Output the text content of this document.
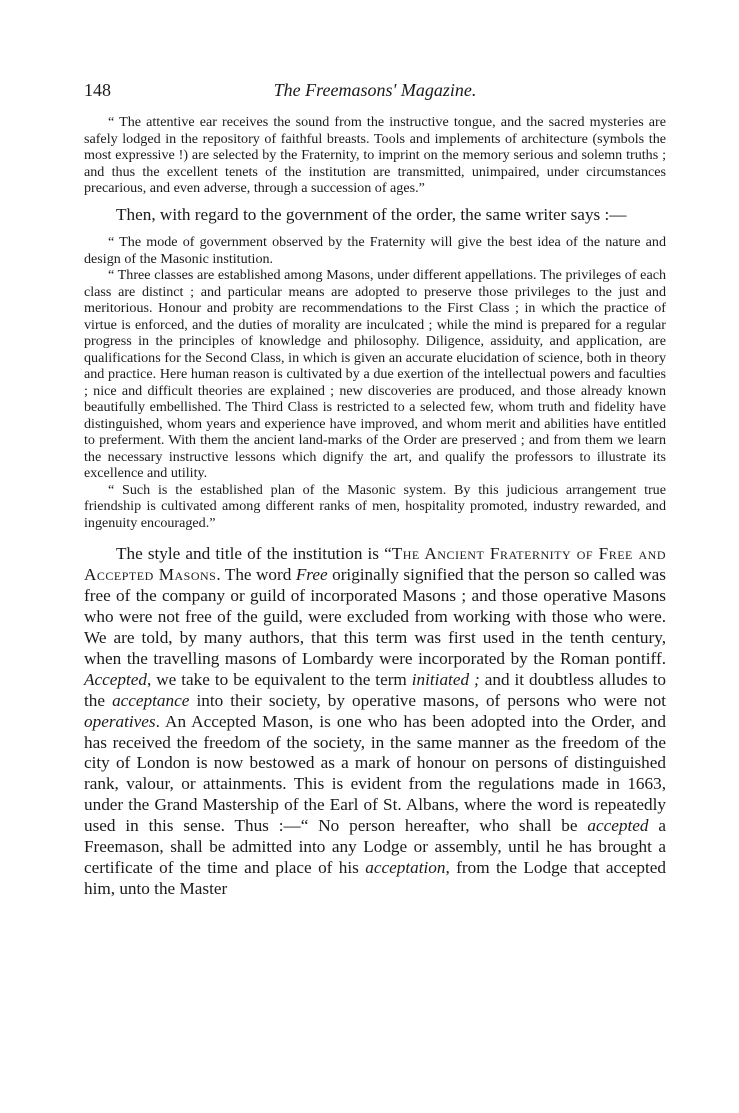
148	The Freemasons' Magazine.

“ The attentive ear receives the sound from the instructive tongue, and the sacred mysteries are safely lodged in the repository of faithful breasts. Tools and implements of architecture (symbols the most expressive !) are selected by the Fraternity, to imprint on the memory serious and solemn truths ; and thus the excellent tenets of the institution are transmitted, unimpaired, under circumstances precarious, and even adverse, through a succession of ages.”

Then, with regard to the government of the order, the same writer says :—

“ The mode of government observed by the Fraternity will give the best idea of the nature and design of the Masonic institution.

“ Three classes are established among Masons, under different appellations. The privileges of each class are distinct ; and particular means are adopted to preserve those privileges to the just and meritorious. Honour and probity are recommendations to the First Class ; in which the practice of virtue is enforced, and the duties of morality are inculcated ; while the mind is prepared for a regular progress in the principles of knowledge and philosophy. Diligence, assiduity, and application, are qualifications for the Second Class, in which is given an accurate elucidation of science, both in theory and practice. Here human reason is cultivated by a due exertion of the intellectual powers and faculties ; nice and difficult theories are explained ; new discoveries are produced, and those already known beautifully embellished. The Third Class is restricted to a selected few, whom truth and fidelity have distinguished, whom years and experience have improved, and whom merit and abilities have entitled to preferment. With them the ancient land-marks of the Order are preserved ; and from them we learn the necessary instructive lessons which dignify the art, and qualify the professors to illustrate its excellence and utility.

“ Such is the established plan of the Masonic system. By this judicious arrangement true friendship is cultivated among different ranks of men, hospitality promoted, industry rewarded, and ingenuity encouraged.”

The style and title of the institution is “The Ancient Fraternity of Free and Accepted Masons. The word Free originally signified that the person so called was free of the company or guild of incorporated Masons ; and those operative Masons who were not free of the guild, were excluded from working with those who were. We are told, by many authors, that this term was first used in the tenth century, when the travelling masons of Lombardy were incorporated by the Roman pontiff. Accepted, we take to be equivalent to the term initiated ; and it doubtless alludes to the acceptance into their society, by operative masons, of persons who were not operatives. An Accepted Mason, is one who has been adopted into the Order, and has received the freedom of the society, in the same manner as the freedom of the city of London is now bestowed as a mark of honour on persons of distinguished rank, valour, or attainments. This is evident from the regulations made in 1663, under the Grand Mastership of the Earl of St. Albans, where the word is repeatedly used in this sense. Thus :—“ No person hereafter, who shall be accepted a Freemason, shall be admitted into any Lodge or assembly, until he has brought a certificate of the time and place of his acceptation, from the Lodge that accepted him, unto the Master
